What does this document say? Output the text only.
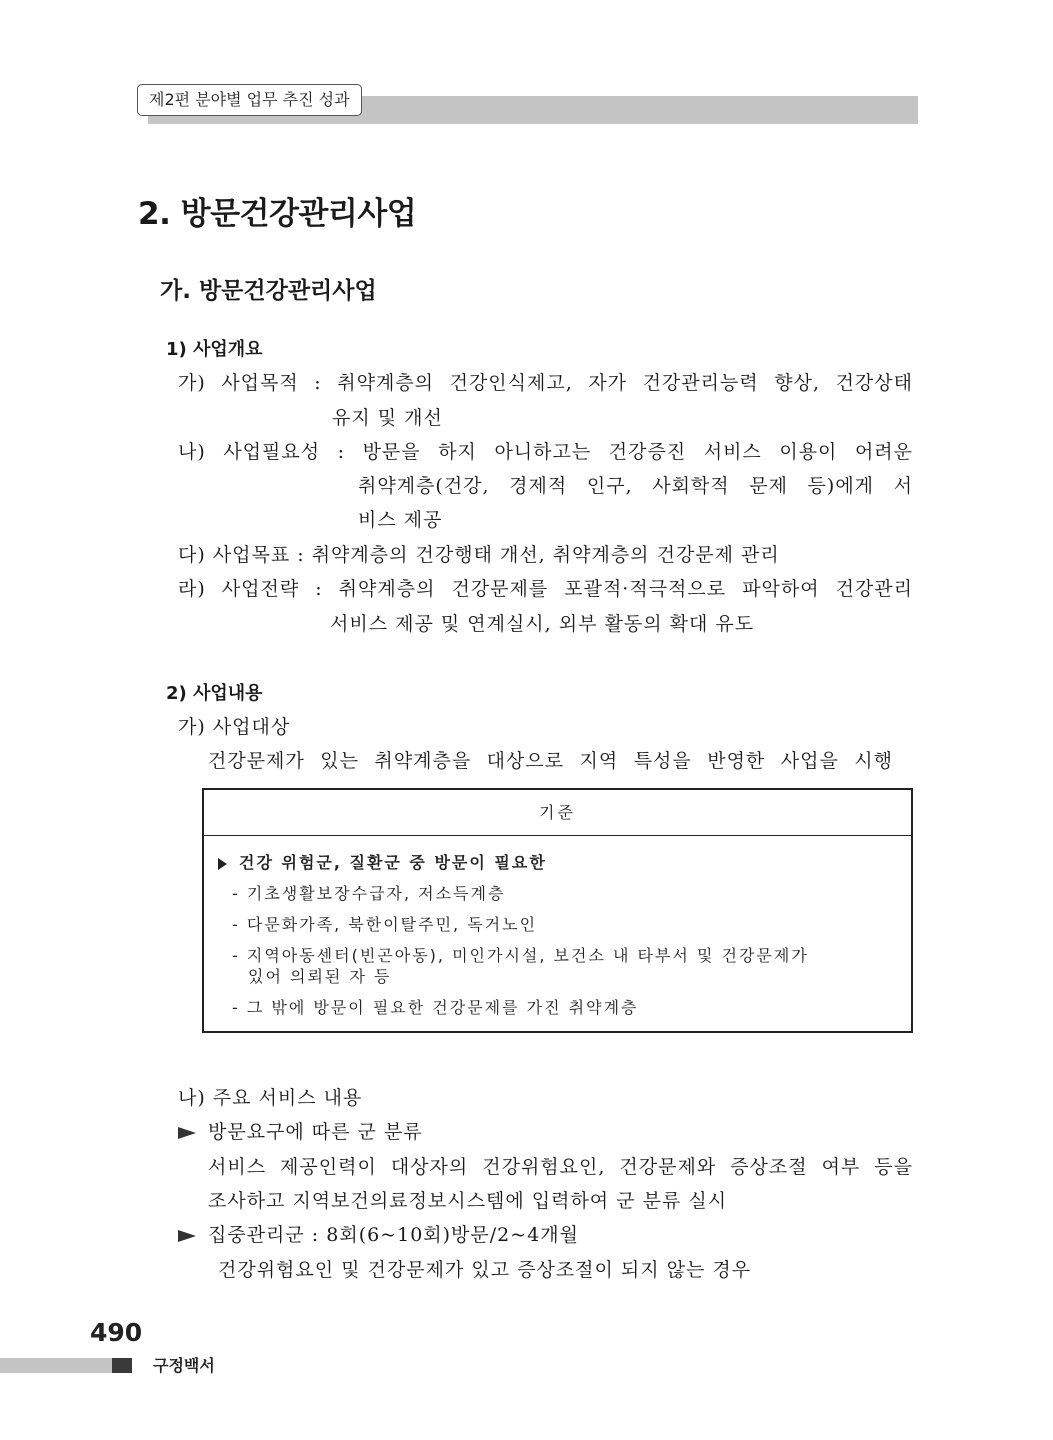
제2편 분야별 업무 추진 성과
2. 방문건강관리사업
가. 방문건강관리사업
1) 사업개요
가) 사업목적 : 취약계층의 건강인식제고, 자가 건강관리능력 향상, 건강상태
유지 및 개선
나) 사업필요성 : 방문을 하지 아니하고는 건강증진 서비스 이용이 어려운
취약계층(건강, 경제적 인구, 사회학적 문제 등)에게 서
비스 제공
다) 사업목표 : 취약계층의 건강행태 개선, 취약계층의 건강문제 관리
라) 사업전략 : 취약계층의 건강문제를 포괄적·적극적으로 파악하여 건강관리
서비스 제공 및 연계실시, 외부 활동의 확대 유도
2) 사업내용
가) 사업대상
건강문제가 있는 취약계층을 대상으로 지역 특성을 반영한 사업을 시행
기준
건강 위험군, 질환군 중 방문이 필요한
- 기초생활보장수급자, 저소득계층
- 다문화가족, 북한이탈주민, 독거노인
- 지역아동센터(빈곤아동), 미인가시설, 보건소 내 타부서 및 건강문제가
있어 의뢰된 자 등
- 그 밖에 방문이 필요한 건강문제를 가진 취약계층
나) 주요 서비스 내용
방문요구에 따른 군 분류
서비스 제공인력이 대상자의 건강위험요인, 건강문제와 증상조절 여부 등을
조사하고 지역보건의료정보시스템에 입력하여 군 분류 실시
집중관리군 : 8회(6~10회)방문/2~4개월
건강위험요인 및 건강문제가 있고 증상조절이 되지 않는 경우
490
구정백서
